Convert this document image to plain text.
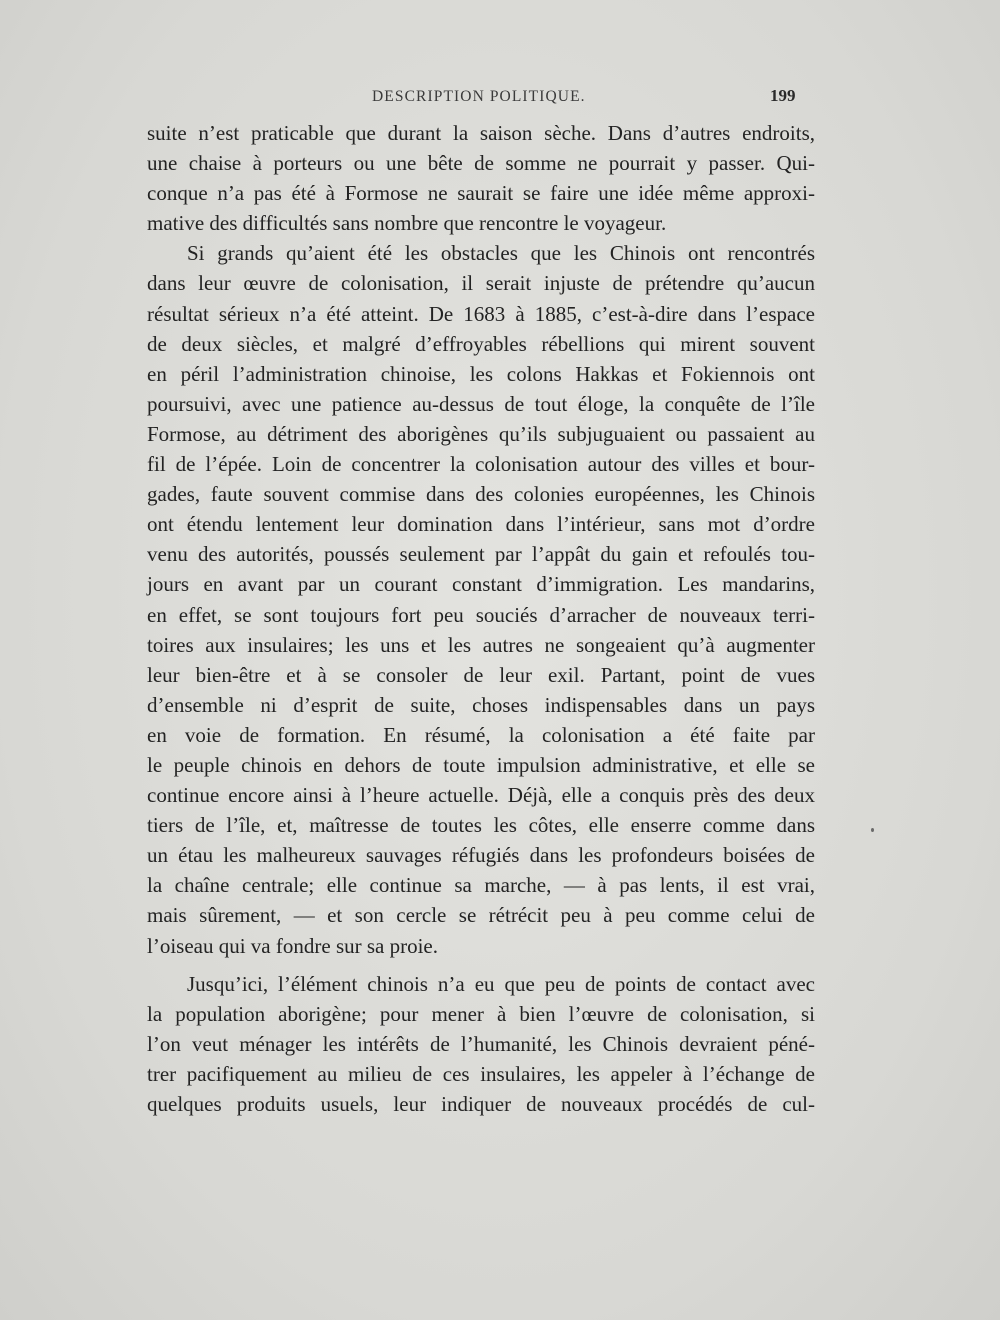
DESCRIPTION POLITIQUE.	199
suite n’est praticable que durant la saison sèche. Dans d’autres endroits,
une chaise à porteurs ou une bête de somme ne pourrait y passer. Qui-
conque n’a pas été à Formose ne saurait se faire une idée même approxi-
mative des difficultés sans nombre que rencontre le voyageur.
Si grands qu’aient été les obstacles que les Chinois ont rencontrés
dans leur œuvre de colonisation, il serait injuste de prétendre qu’aucun
résultat sérieux n’a été atteint. De 1683 à 1885, c’est-à-dire dans l’espace
de deux siècles, et malgré d’effroyables rébellions qui mirent souvent
en péril l’administration chinoise, les colons Hakkas et Fokiennois ont
poursuivi, avec une patience au-dessus de tout éloge, la conquête de l’île
Formose, au détriment des aborigènes qu’ils subjuguaient ou passaient au
fil de l’épée. Loin de concentrer la colonisation autour des villes et bour-
gades, faute souvent commise dans des colonies européennes, les Chinois
ont étendu lentement leur domination dans l’intérieur, sans mot d’ordre
venu des autorités, poussés seulement par l’appât du gain et refoulés tou-
jours en avant par un courant constant d’immigration. Les mandarins,
en effet, se sont toujours fort peu souciés d’arracher de nouveaux terri-
toires aux insulaires; les uns et les autres ne songeaient qu’à augmenter
leur bien-être et à se consoler de leur exil. Partant, point de vues
d’ensemble ni d’esprit de suite, choses indispensables dans un pays
en voie de formation. En résumé, la colonisation a été faite par
le peuple chinois en dehors de toute impulsion administrative, et elle se
continue encore ainsi à l’heure actuelle. Déjà, elle a conquis près des deux
tiers de l’île, et, maîtresse de toutes les côtes, elle enserre comme dans
un étau les malheureux sauvages réfugiés dans les profondeurs boisées de
la chaîne centrale; elle continue sa marche, — à pas lents, il est vrai,
mais sûrement, — et son cercle se rétrécit peu à peu comme celui de
l’oiseau qui va fondre sur sa proie.
Jusqu’ici, l’élément chinois n’a eu que peu de points de contact avec
la population aborigène; pour mener à bien l’œuvre de colonisation, si
l’on veut ménager les intérêts de l’humanité, les Chinois devraient péné-
trer pacifiquement au milieu de ces insulaires, les appeler à l’échange de
quelques produits usuels, leur indiquer de nouveaux procédés de cul-
